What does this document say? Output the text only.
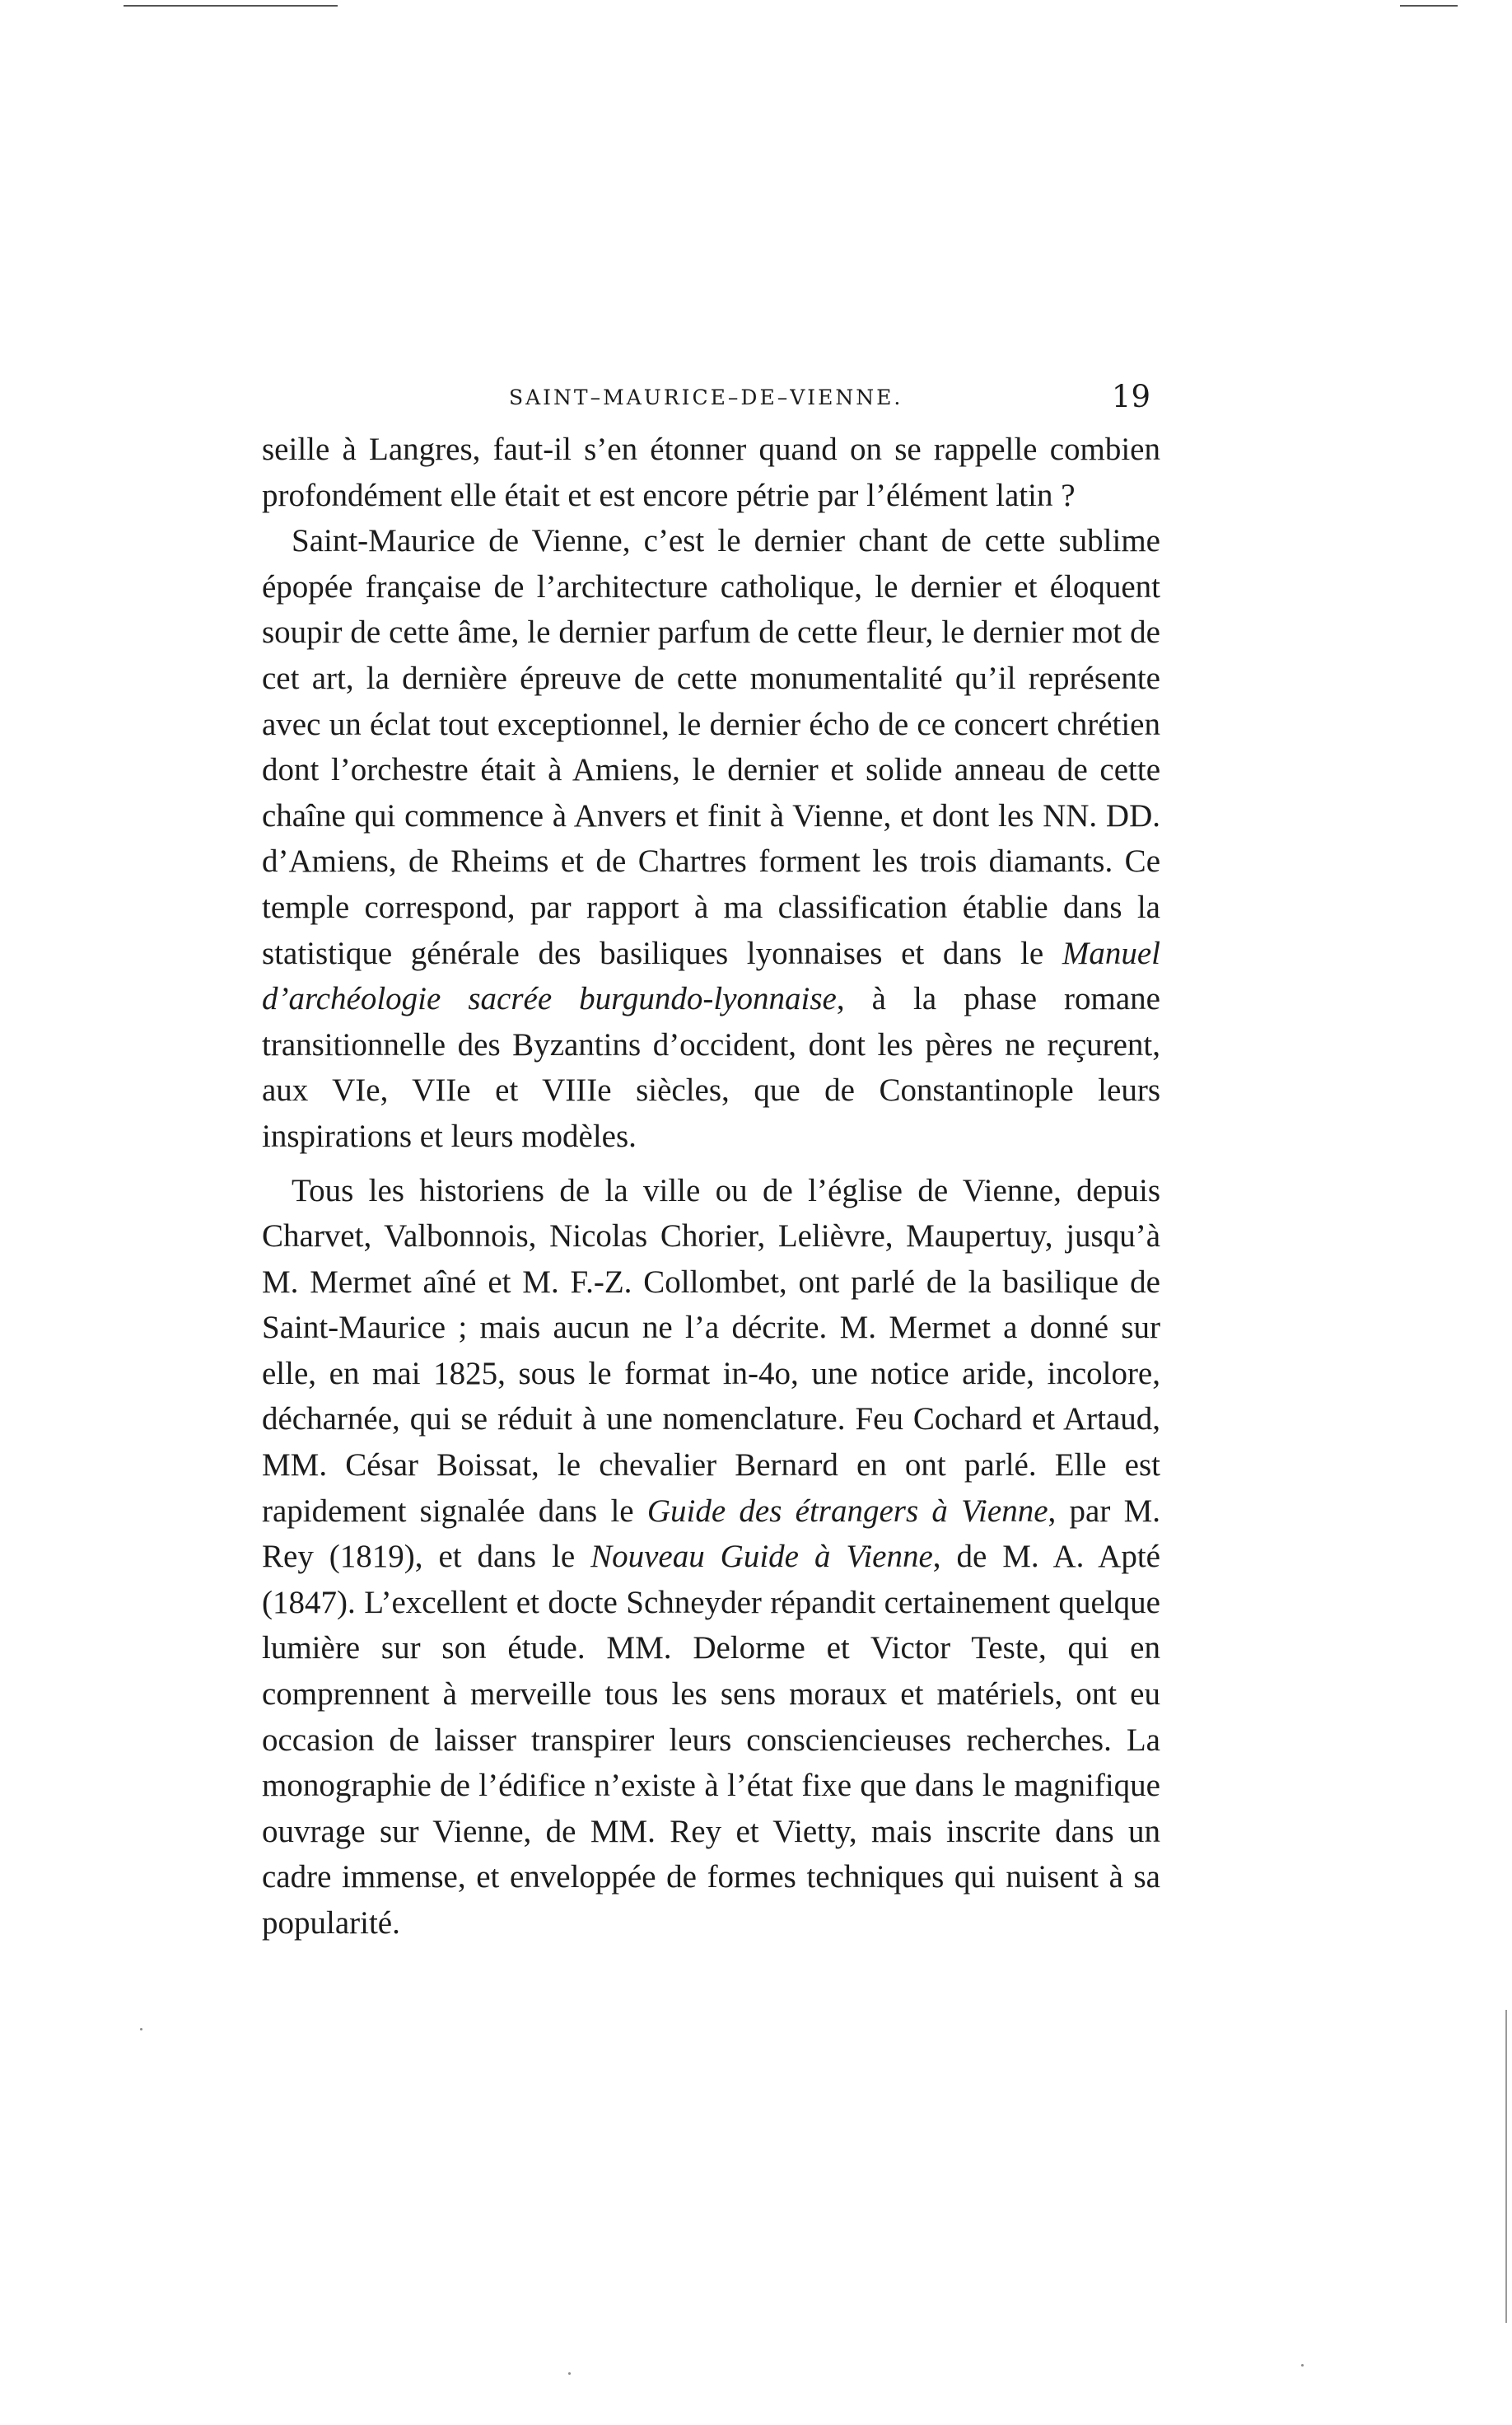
SAINT–MAURICE–DE–VIENNE.	19

seille à Langres, faut-il s’en étonner quand on se rappelle combien profondément elle était et est encore pétrie par l’élément latin ?

Saint-Maurice de Vienne, c’est le dernier chant de cette sublime épopée française de l’architecture catholique, le dernier et éloquent soupir de cette âme, le dernier parfum de cette fleur, le dernier mot de cet art, la dernière épreuve de cette monumentalité qu’il représente avec un éclat tout exceptionnel, le dernier écho de ce concert chrétien dont l’orchestre était à Amiens, le dernier et solide anneau de cette chaîne qui commence à Anvers et finit à Vienne, et dont les NN. DD. d’Amiens, de Rheims et de Chartres forment les trois diamants. Ce temple correspond, par rapport à ma classification établie dans la statistique générale des basiliques lyonnaises et dans le Manuel d’archéologie sacrée burgundo-lyonnaise, à la phase romane transitionnelle des Byzantins d’occident, dont les pères ne reçurent, aux VIe, VIIe et VIIIe siècles, que de Constantinople leurs inspirations et leurs modèles.

Tous les historiens de la ville ou de l’église de Vienne, depuis Charvet, Valbonnois, Nicolas Chorier, Lelièvre, Maupertuy, jusqu’à M. Mermet aîné et M. F.-Z. Collombet, ont parlé de la basilique de Saint-Maurice ; mais aucun ne l’a décrite. M. Mermet a donné sur elle, en mai 1825, sous le format in-4o, une notice aride, incolore, décharnée, qui se réduit à une nomenclature. Feu Cochard et Artaud, MM. César Boissat, le chevalier Bernard en ont parlé. Elle est rapidement signalée dans le Guide des étrangers à Vienne, par M. Rey (1819), et dans le Nouveau Guide à Vienne, de M. A. Apté (1847). L’excellent et docte Schneyder répandit certainement quelque lumière sur son étude. MM. Delorme et Victor Teste, qui en comprennent à merveille tous les sens moraux et matériels, ont eu occasion de laisser transpirer leurs consciencieuses recherches. La monographie de l’édifice n’existe à l’état fixe que dans le magnifique ouvrage sur Vienne, de MM. Rey et Vietty, mais inscrite dans un cadre immense, et enveloppée de formes techniques qui nuisent à sa popularité.
